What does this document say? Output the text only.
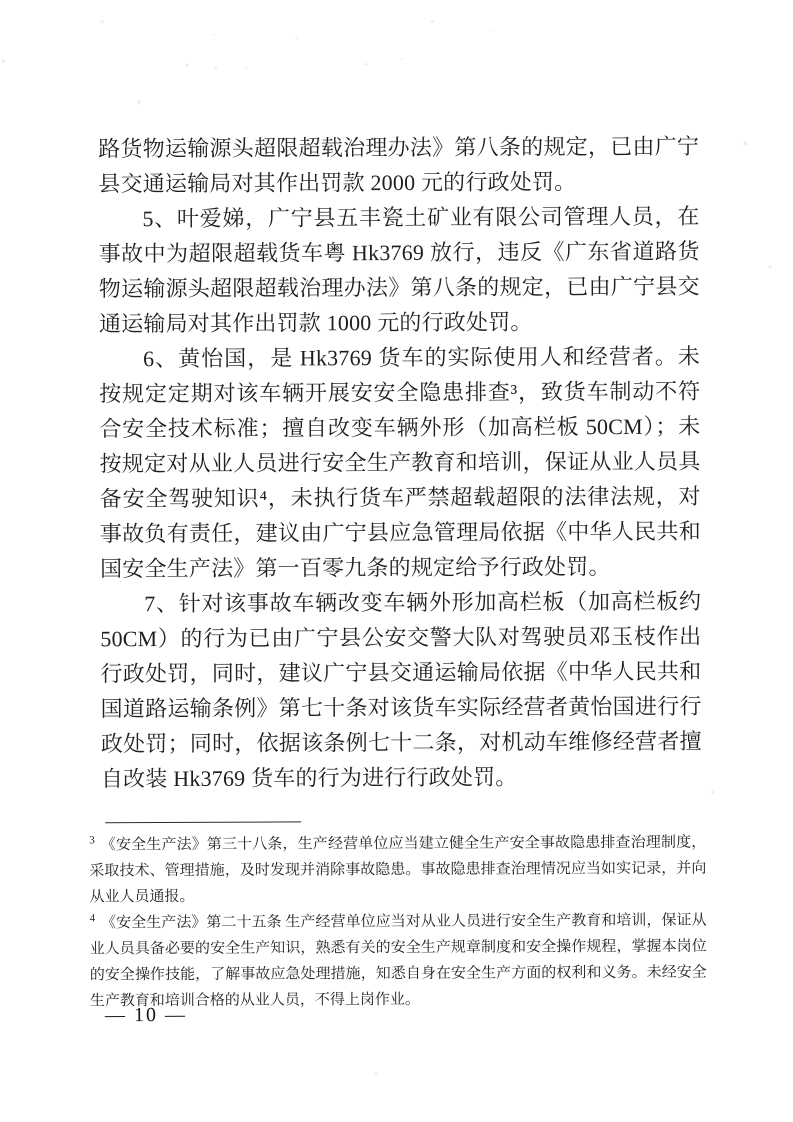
路货物运输源头超限超载治理办法》第八条的规定，已由广宁县交通运输局对其作出罚款 2000 元的行政处罚。

5、叶爱娣，广宁县五丰瓷土矿业有限公司管理人员，在事故中为超限超载货车粤 Hk3769 放行，违反《广东省道路货物运输源头超限超载治理办法》第八条的规定，已由广宁县交通运输局对其作出罚款 1000 元的行政处罚。

6、黄怡国，是 Hk3769 货车的实际使用人和经营者。未按规定定期对该车辆开展安安全隐患排查³，致货车制动不符合安全技术标准；擅自改变车辆外形（加高栏板 50CM）；未按规定对从业人员进行安全生产教育和培训，保证从业人员具备安全驾驶知识⁴，未执行货车严禁超载超限的法律法规，对事故负有责任，建议由广宁县应急管理局依据《中华人民共和国安全生产法》第一百零九条的规定给予行政处罚。

7、针对该事故车辆改变车辆外形加高栏板（加高栏板约50CM）的行为已由广宁县公安交警大队对驾驶员邓玉枝作出行政处罚，同时，建议广宁县交通运输局依据《中华人民共和国道路运输条例》第七十条对该货车实际经营者黄怡国进行行政处罚；同时，依据该条例七十二条，对机动车维修经营者擅自改装 Hk3769 货车的行为进行行政处罚。

$^3$ 《安全生产法》第三十八条，生产经营单位应当建立健全生产安全事故隐患排查治理制度，采取技术、管理措施，及时发现并消除事故隐患。事故隐患排查治理情况应当如实记录，并向从业人员通报。

$^4$ 《安全生产法》第二十五条 生产经营单位应当对从业人员进行安全生产教育和培训，保证从业人员具备必要的安全生产知识，熟悉有关的安全生产规章制度和安全操作规程，掌握本岗位的安全操作技能，了解事故应急处理措施，知悉自身在安全生产方面的权利和义务。未经安全生产教育和培训合格的从业人员，不得上岗作业。

— 10 —
